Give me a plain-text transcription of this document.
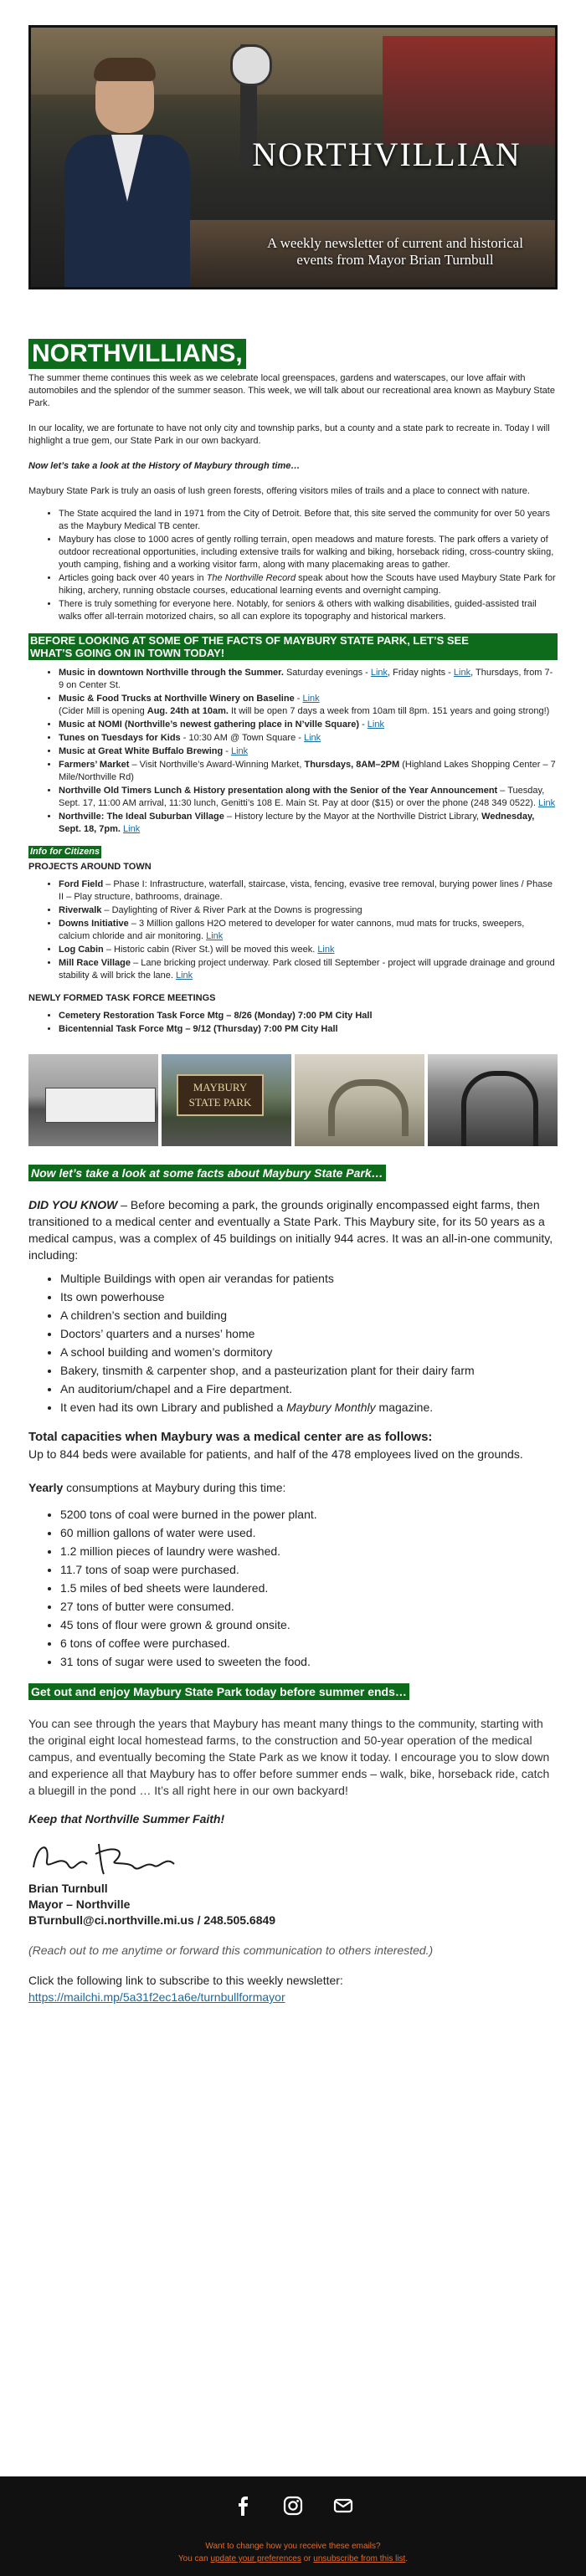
NORTHVILLIAN
A weekly newsletter of current and historical
events from Mayor Brian Turnbull
NORTHVILLIANS,

The summer theme continues this week as we celebrate local greenspaces, gardens and waterscapes, our love affair with automobiles and the splendor of the summer season. This week, we will talk about our recreational area known as Maybury State Park.

In our locality, we are fortunate to have not only city and township parks, but a county and a state park to recreate in. Today I will highlight a true gem, our State Park in our own backyard.

Now let’s take a look at the History of Maybury through time…

Maybury State Park is truly an oasis of lush green forests, offering visitors miles of trails and a place to connect with nature.

• The State acquired the land in 1971 from the City of Detroit. Before that, this site served the community for over 50 years as the Maybury Medical TB center.
• Maybury has close to 1000 acres of gently rolling terrain, open meadows and mature forests. The park offers a variety of outdoor recreational opportunities, including extensive trails for walking and biking, horseback riding, cross-country skiing, youth camping, fishing and a working visitor farm, along with many placemaking areas to gather.
• Articles going back over 40 years in The Northville Record speak about how the Scouts have used Maybury State Park for hiking, archery, running obstacle courses, educational learning events and overnight camping.
• There is truly something for everyone here. Notably, for seniors & others with walking disabilities, guided-assisted trail walks offer all-terrain motorized chairs, so all can explore its topography and historical markers.
BEFORE LOOKING AT SOME OF THE FACTS OF MAYBURY STATE PARK, LET’S SEE
WHAT’S GOING ON IN TOWN TODAY!
• Music in downtown Northville through the Summer. Saturday evenings - Link, Friday nights - Link, Thursdays, from 7-9 on Center St.
• Music & Food Trucks at Northville Winery on Baseline - Link
(Cider Mill is opening Aug. 24th at 10am. It will be open 7 days a week from 10am till 8pm. 151 years and going strong!)
• Music at NOMI (Northville’s newest gathering place in N’ville Square) - Link
• Tunes on Tuesdays for Kids - 10:30 AM @ Town Square - Link
• Music at Great White Buffalo Brewing - Link
• Farmers’ Market – Visit Northville’s Award-Winning Market, Thursdays, 8AM–2PM (Highland Lakes Shopping Center – 7 Mile/Northville Rd)
• Northville Old Timers Lunch & History presentation along with the Senior of the Year Announcement – Tuesday, Sept. 17, 11:00 AM arrival, 11:30 lunch, Genitti’s 108 E. Main St. Pay at door ($15) or over the phone (248 349 0522). Link
• Northville: The Ideal Suburban Village – History lecture by the Mayor at the Northville District Library, Wednesday, Sept. 18, 7pm. Link
Info for Citizens
PROJECTS AROUND TOWN
• Ford Field – Phase I: Infrastructure, waterfall, staircase, vista, fencing, evasive tree removal, burying power lines / Phase II – Play structure, bathrooms, drainage.
• Riverwalk – Daylighting of River & River Park at the Downs is progressing
• Downs Initiative – 3 Million gallons H2O metered to developer for water cannons, mud mats for trucks, sweepers, calcium chloride and air monitoring. Link
• Log Cabin – Historic cabin (River St.) will be moved this week. Link
• Mill Race Village – Lane bricking project underway. Park closed till September - project will upgrade drainage and ground stability & will brick the lane. Link
NEWLY FORMED TASK FORCE MEETINGS
• Cemetery Restoration Task Force Mtg – 8/26 (Monday) 7:00 PM City Hall
• Bicentennial Task Force Mtg – 9/12 (Thursday) 7:00 PM City Hall
MAYBURY STATE PARK
Now let’s take a look at some facts about Maybury State Park…

DID YOU KNOW – Before becoming a park, the grounds originally encompassed eight farms, then transitioned to a medical center and eventually a State Park. This Maybury site, for its 50 years as a medical campus, was a complex of 45 buildings on initially 944 acres. It was an all-in-one community, including:

• Multiple Buildings with open air verandas for patients
• Its own powerhouse
• A children’s section and building
• Doctors’ quarters and a nurses’ home
• A school building and women’s dormitory
• Bakery, tinsmith & carpenter shop, and a pasteurization plant for their dairy farm
• An auditorium/chapel and a Fire department.
• It even had its own Library and published a Maybury Monthly magazine.

Total capacities when Maybury was a medical center are as follows:

Up to 844 beds were available for patients, and half of the 478 employees lived on the grounds.

Yearly consumptions at Maybury during this time:

• 5200 tons of coal were burned in the power plant.
• 60 million gallons of water were used.
• 1.2 million pieces of laundry were washed.
• 11.7 tons of soap were purchased.
• 1.5 miles of bed sheets were laundered.
• 27 tons of butter were consumed.
• 45 tons of flour were grown & ground onsite.
• 6 tons of coffee were purchased.
• 31 tons of sugar were used to sweeten the food.
Get out and enjoy Maybury State Park today before summer ends…

You can see through the years that Maybury has meant many things to the community, starting with the original eight local homestead farms, to the construction and 50-year operation of the medical campus, and eventually becoming the State Park as we know it today. I encourage you to slow down and experience all that Maybury has to offer before summer ends – walk, bike, horseback ride, catch a bluegill in the pond … It’s all right here in our own backyard!

Keep that Northville Summer Faith!

Brian Turnbull
Mayor – Northville
BTurnbull@ci.northville.mi.us / 248.505.6849

(Reach out to me anytime or forward this communication to others interested.)

Click the following link to subscribe to this weekly newsletter:

https://mailchi.mp/5a31f2ec1a6e/turnbullformayor
Want to change how you receive these emails?
You can update your preferences or unsubscribe from this list.
